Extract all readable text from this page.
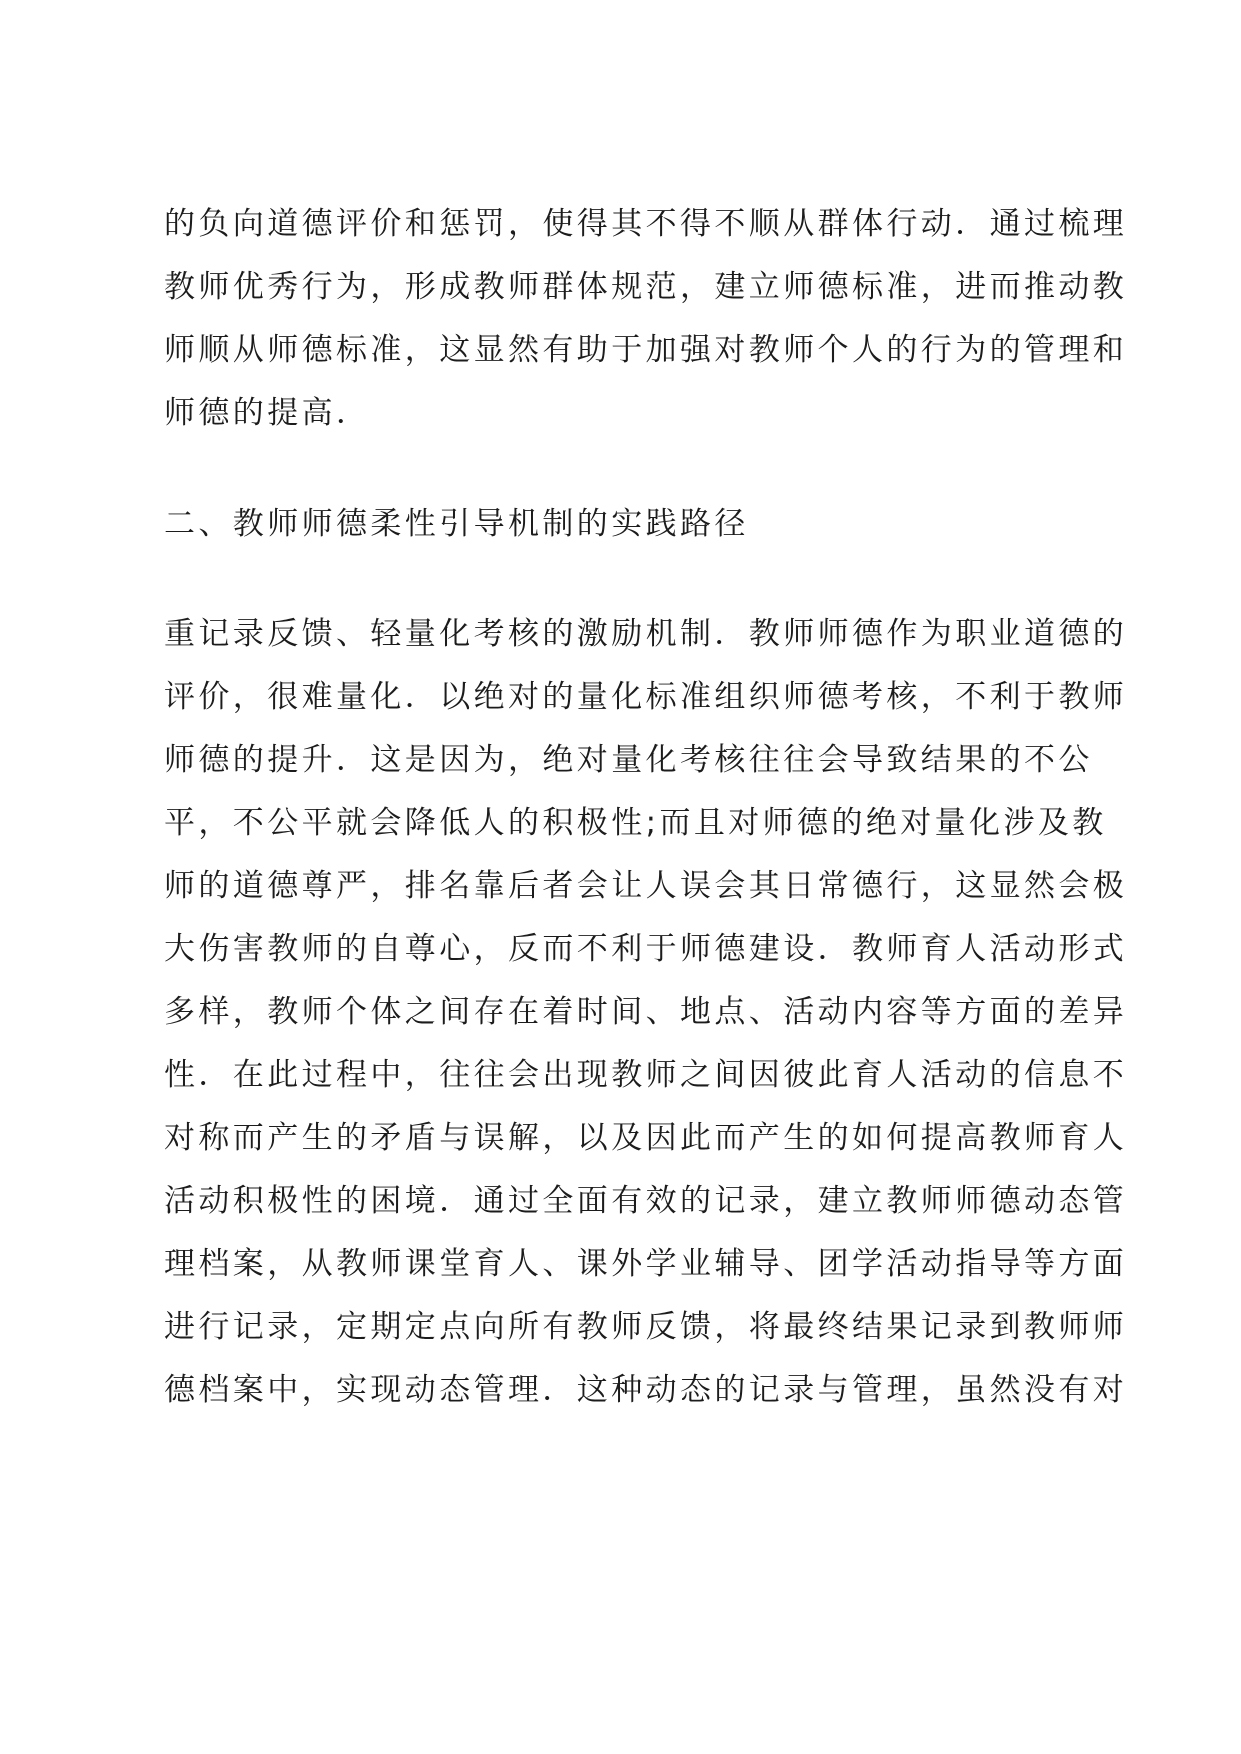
的负向道德评价和惩罚，使得其不得不顺从群体行动．通过梳理
教师优秀行为，形成教师群体规范，建立师德标准，进而推动教
师顺从师德标准，这显然有助于加强对教师个人的行为的管理和
师德的提高．
二、教师师德柔性引导机制的实践路径
重记录反馈、轻量化考核的激励机制．教师师德作为职业道德的
评价，很难量化．以绝对的量化标准组织师德考核，不利于教师
师德的提升．这是因为，绝对量化考核往往会导致结果的不公
平，不公平就会降低人的积极性;而且对师德的绝对量化涉及教
师的道德尊严，排名靠后者会让人误会其日常德行，这显然会极
大伤害教师的自尊心，反而不利于师德建设．教师育人活动形式
多样，教师个体之间存在着时间、地点、活动内容等方面的差异
性．在此过程中，往往会出现教师之间因彼此育人活动的信息不
对称而产生的矛盾与误解，以及因此而产生的如何提高教师育人
活动积极性的困境．通过全面有效的记录，建立教师师德动态管
理档案，从教师课堂育人、课外学业辅导、团学活动指导等方面
进行记录，定期定点向所有教师反馈，将最终结果记录到教师师
德档案中，实现动态管理．这种动态的记录与管理，虽然没有对
